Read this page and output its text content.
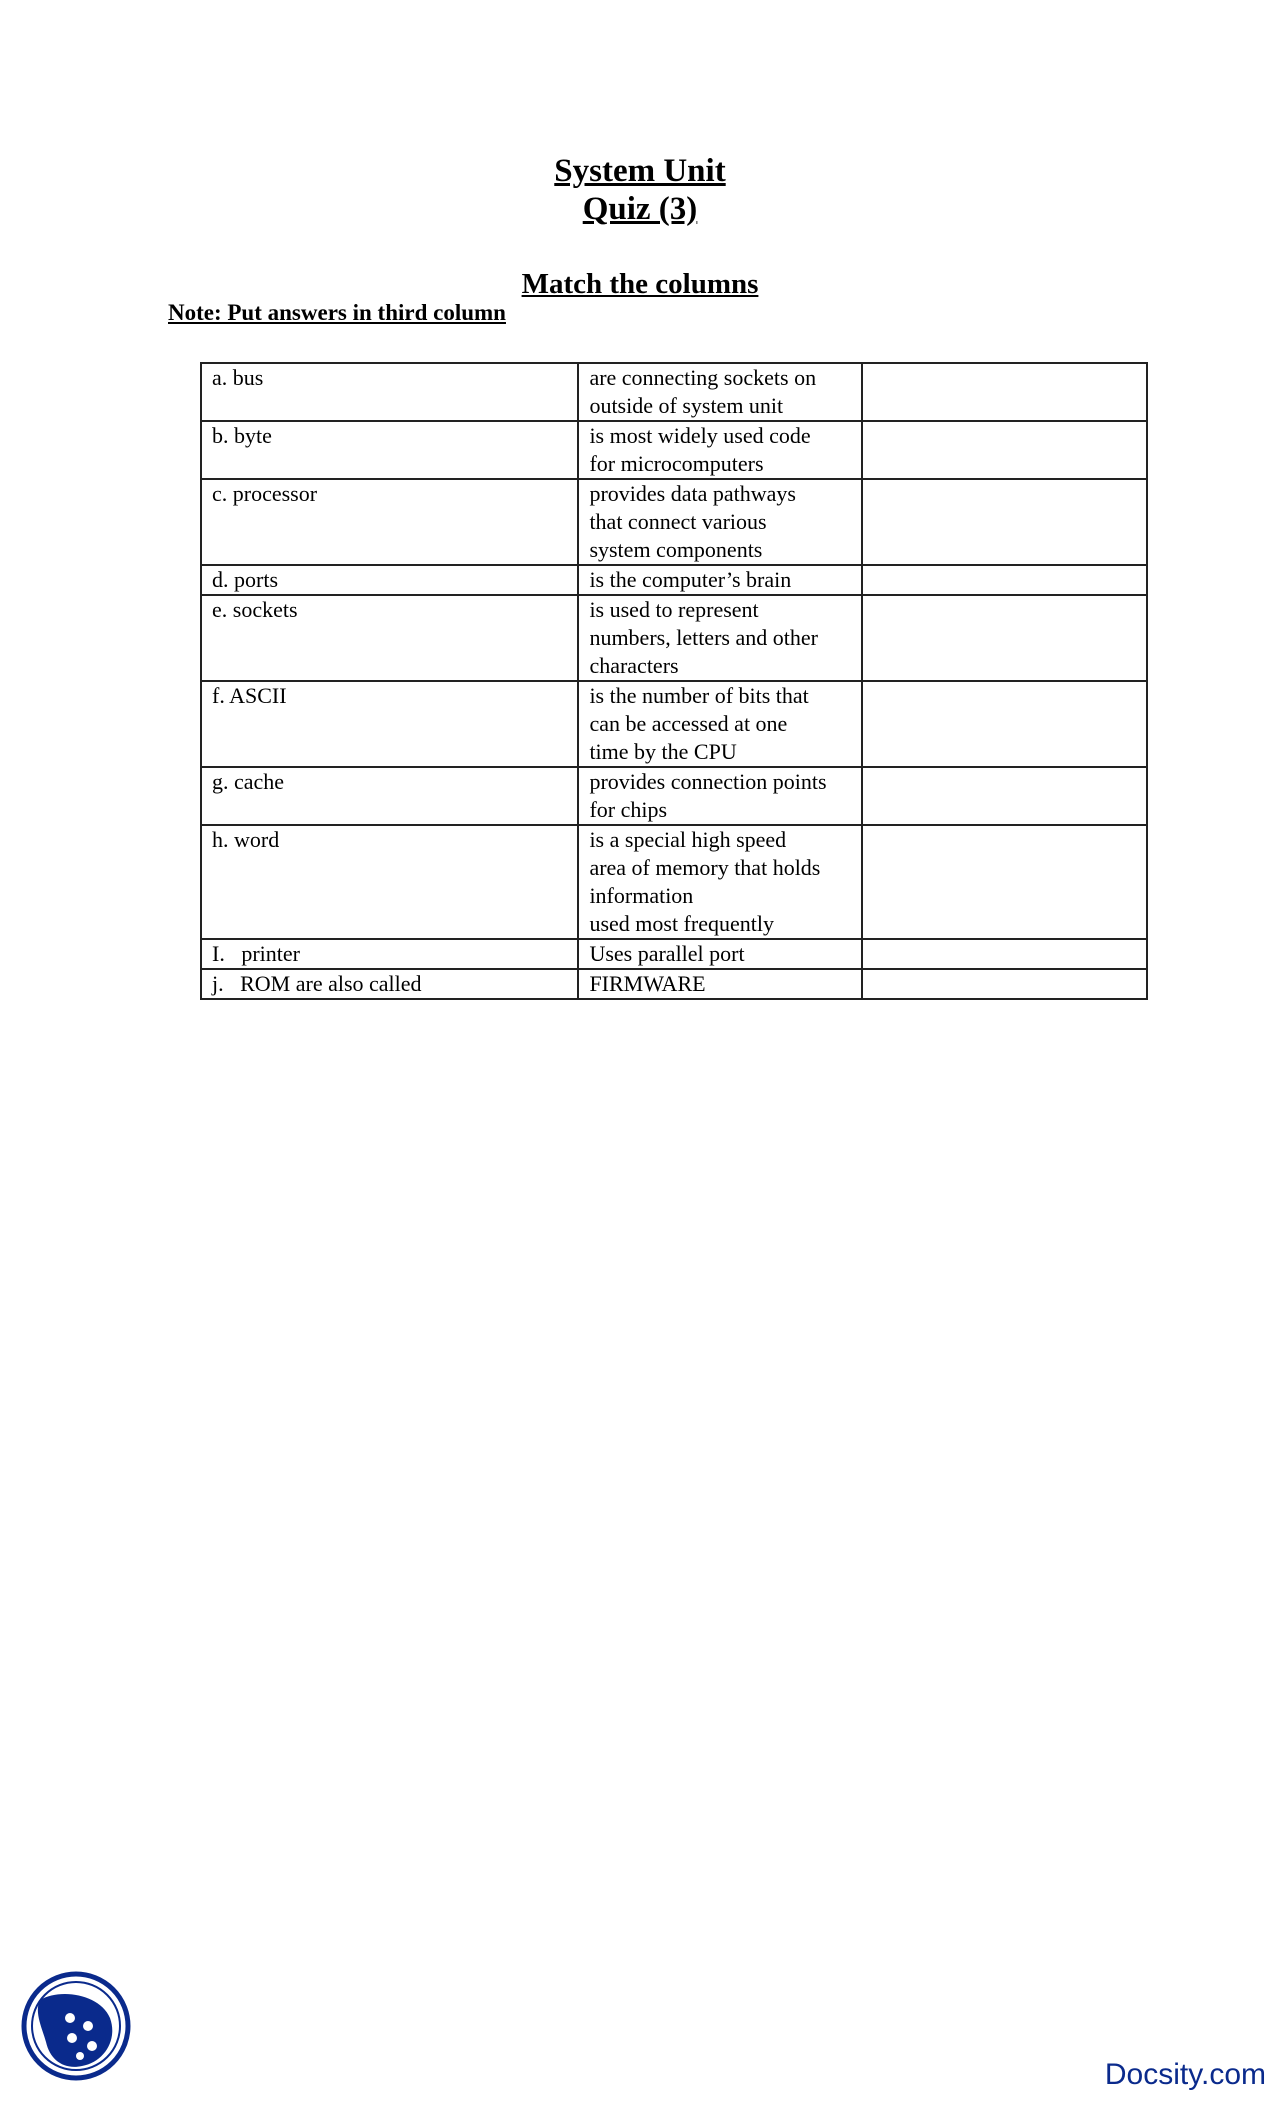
System Unit
Quiz (3)
Match the columns
Note: Put answers in third column
a. bus	are connecting sockets on
outside of system unit	
b. byte	is most widely used code
for microcomputers	
c. processor	provides data pathways
that connect various
system components	
d. ports	is the computer’s brain	
e. sockets	is used to represent
numbers, letters and other
characters	
f. ASCII	is the number of bits that
can be accessed at one
time by the CPU	
g. cache	provides connection points
for chips	
h. word	is a special high speed
area of memory that holds
information
used most frequently	
I.   printer	Uses parallel port	
j.   ROM are also called	FIRMWARE	
Docsity.com
